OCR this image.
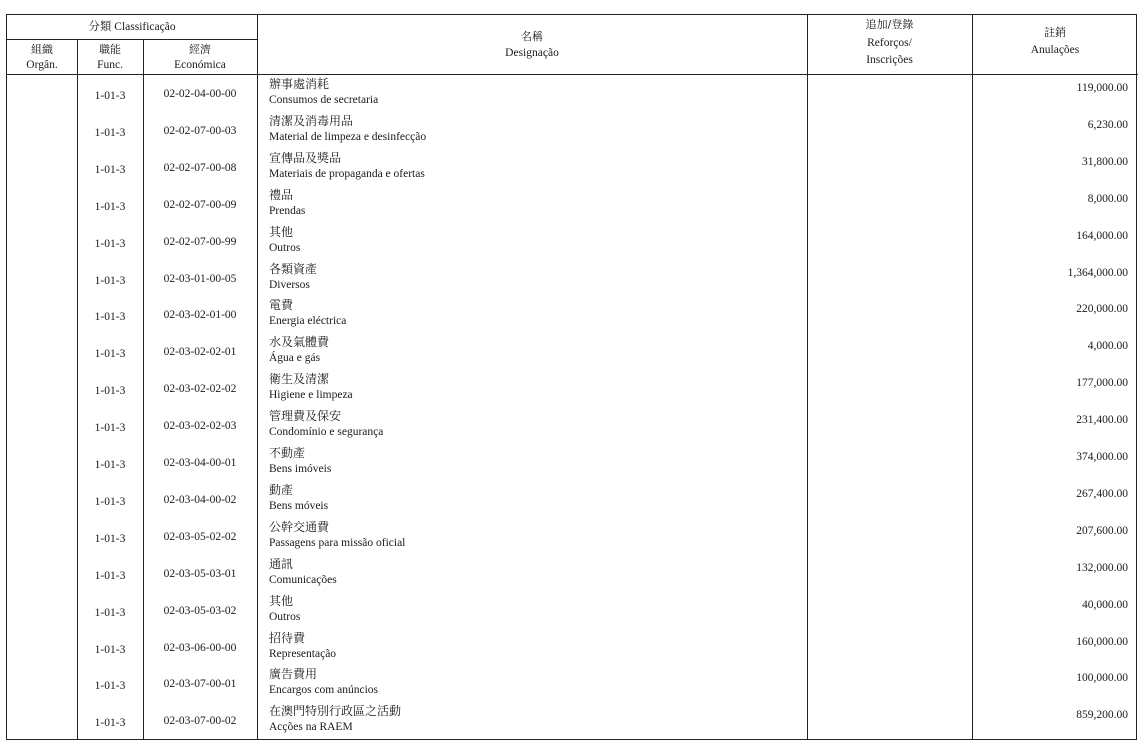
分類 Classificação
組織
Orgân.
職能
Func.
經濟
Económica
名稱
Designação
追加/登錄
Reforços/
Inscrições
註銷
Anulações
1-01-3	02-02-04-00-00
辦事處消耗
Consumos de secretaria
119,000.00
1-01-3	02-02-07-00-03
清潔及消毒用品
Material de limpeza e desinfecção
6,230.00
1-01-3	02-02-07-00-08
宣傳品及獎品
Materiais de propaganda e ofertas
31,800.00
1-01-3	02-02-07-00-09
禮品
Prendas
8,000.00
1-01-3	02-02-07-00-99
其他
Outros
164,000.00
1-01-3	02-03-01-00-05
各類資產
Diversos
1,364,000.00
1-01-3	02-03-02-01-00
電費
Energia eléctrica
220,000.00
1-01-3	02-03-02-02-01
水及氣體費
Água e gás
4,000.00
1-01-3	02-03-02-02-02
衛生及清潔
Higiene e limpeza
177,000.00
1-01-3	02-03-02-02-03
管理費及保安
Condomínio e segurança
231,400.00
1-01-3	02-03-04-00-01
不動產
Bens imóveis
374,000.00
1-01-3	02-03-04-00-02
動產
Bens móveis
267,400.00
1-01-3	02-03-05-02-02
公幹交通費
Passagens para missão oficial
207,600.00
1-01-3	02-03-05-03-01
通訊
Comunicações
132,000.00
1-01-3	02-03-05-03-02
其他
Outros
40,000.00
1-01-3	02-03-06-00-00
招待費
Representação
160,000.00
1-01-3	02-03-07-00-01
廣告費用
Encargos com anúncios
100,000.00
1-01-3	02-03-07-00-02
在澳門特別行政區之活動
Acções na RAEM
859,200.00
